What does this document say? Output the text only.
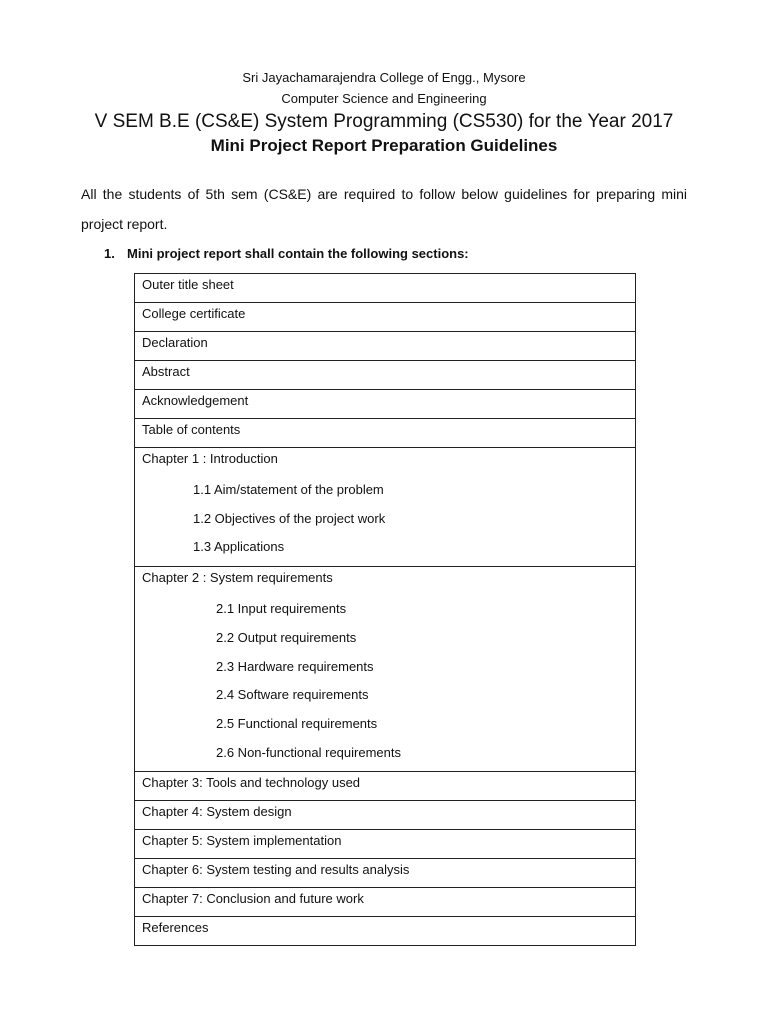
Sri Jayachamarajendra College of Engg., Mysore
Computer Science and Engineering
V SEM B.E (CS&E) System Programming (CS530) for the Year 2017
Mini Project Report Preparation Guidelines
All the students of 5th sem (CS&E) are required to follow below guidelines for preparing mini project report.
1. Mini project report shall contain the following sections:
Outer title sheet
College certificate
Declaration
Abstract
Acknowledgement
Table of contents

Chapter 1 : Introduction
1.1 Aim/statement of the problem
1.2 Objectives of the project work
1.3 Applications

Chapter 2 : System requirements
2.1 Input requirements
2.2 Output requirements
2.3 Hardware requirements
2.4 Software requirements
2.5 Functional requirements
2.6 Non-functional requirements

Chapter 3: Tools and technology used
Chapter 4: System design
Chapter 5: System implementation
Chapter 6: System testing and results analysis
Chapter 7: Conclusion and future work
References
